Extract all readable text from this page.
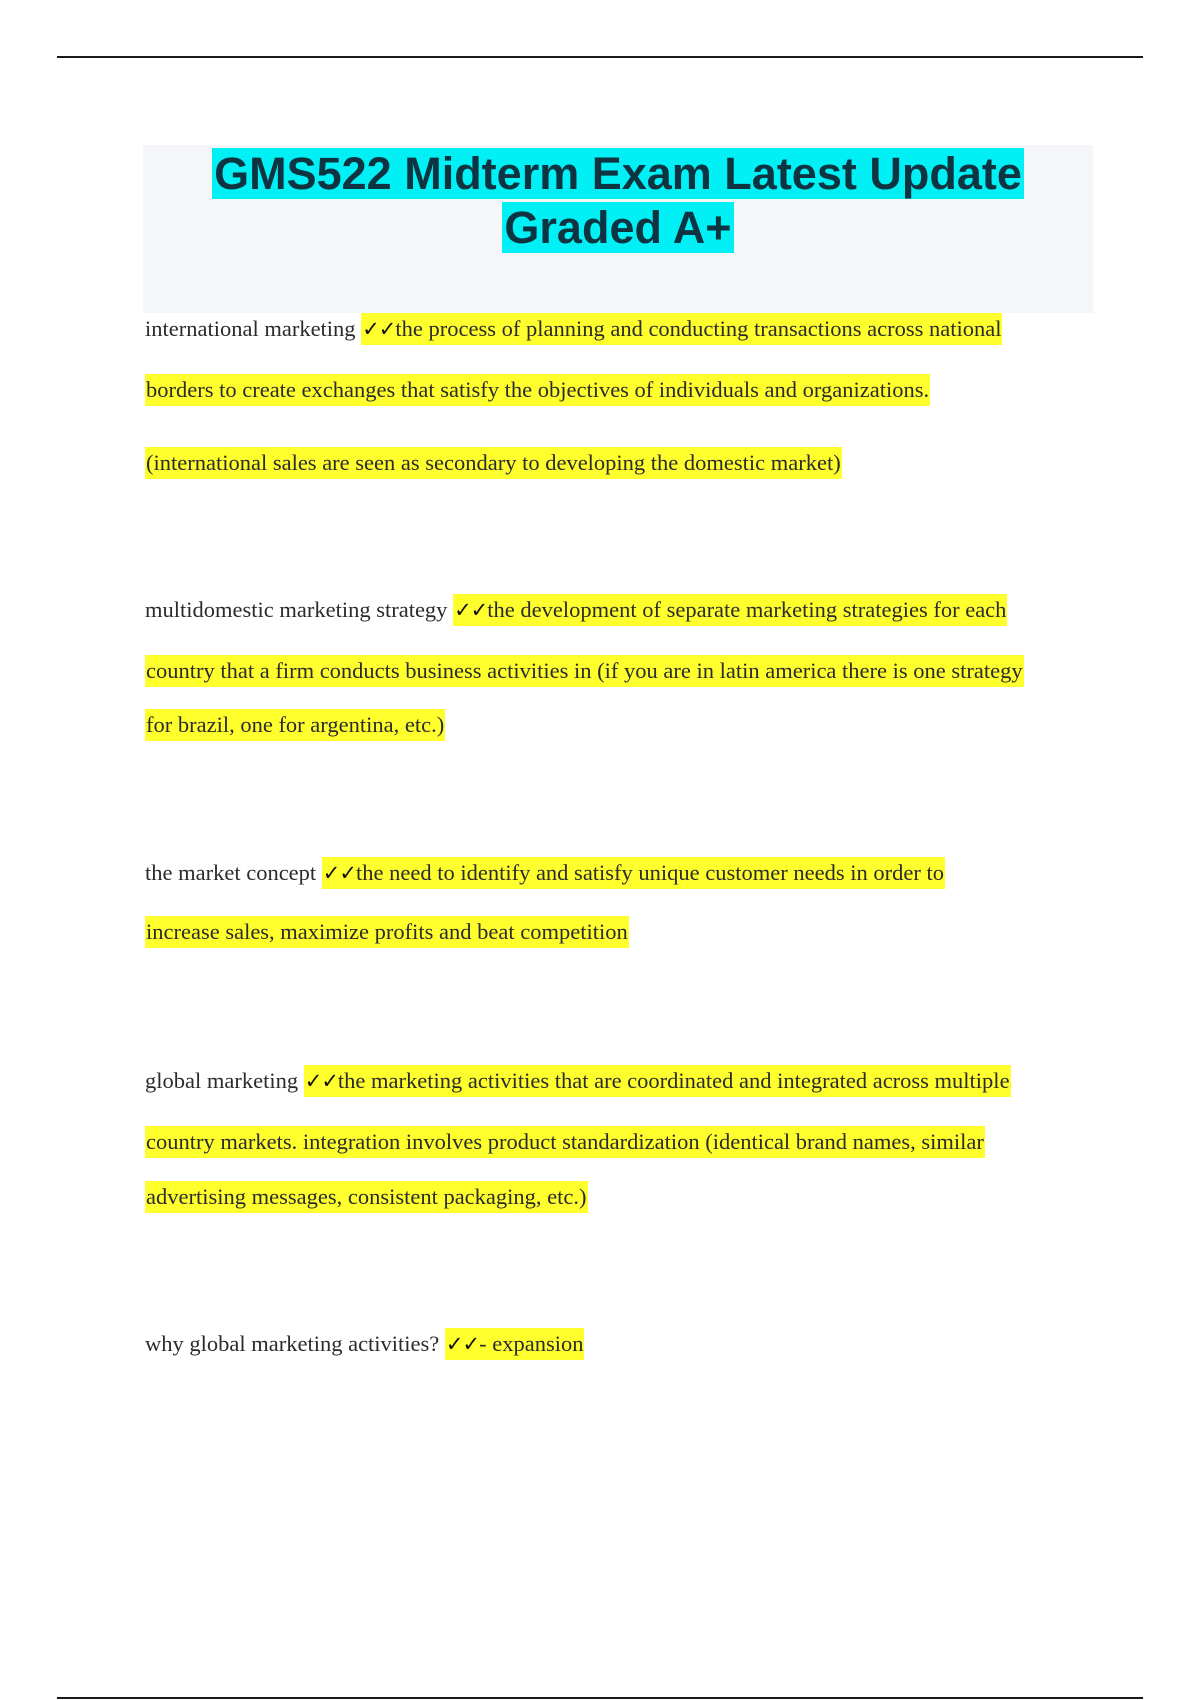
GMS522 Midterm Exam Latest Update
Graded A+
international marketing ✓✓the process of planning and conducting transactions across national
borders to create exchanges that satisfy the objectives of individuals and organizations.
(international sales are seen as secondary to developing the domestic market)
multidomestic marketing strategy ✓✓the development of separate marketing strategies for each
country that a firm conducts business activities in (if you are in latin america there is one strategy
for brazil, one for argentina, etc.)
the market concept ✓✓the need to identify and satisfy unique customer needs in order to
increase sales, maximize profits and beat competition
global marketing ✓✓the marketing activities that are coordinated and integrated across multiple
country markets. integration involves product standardization (identical brand names, similar
advertising messages, consistent packaging, etc.)
why global marketing activities? ✓✓- expansion
